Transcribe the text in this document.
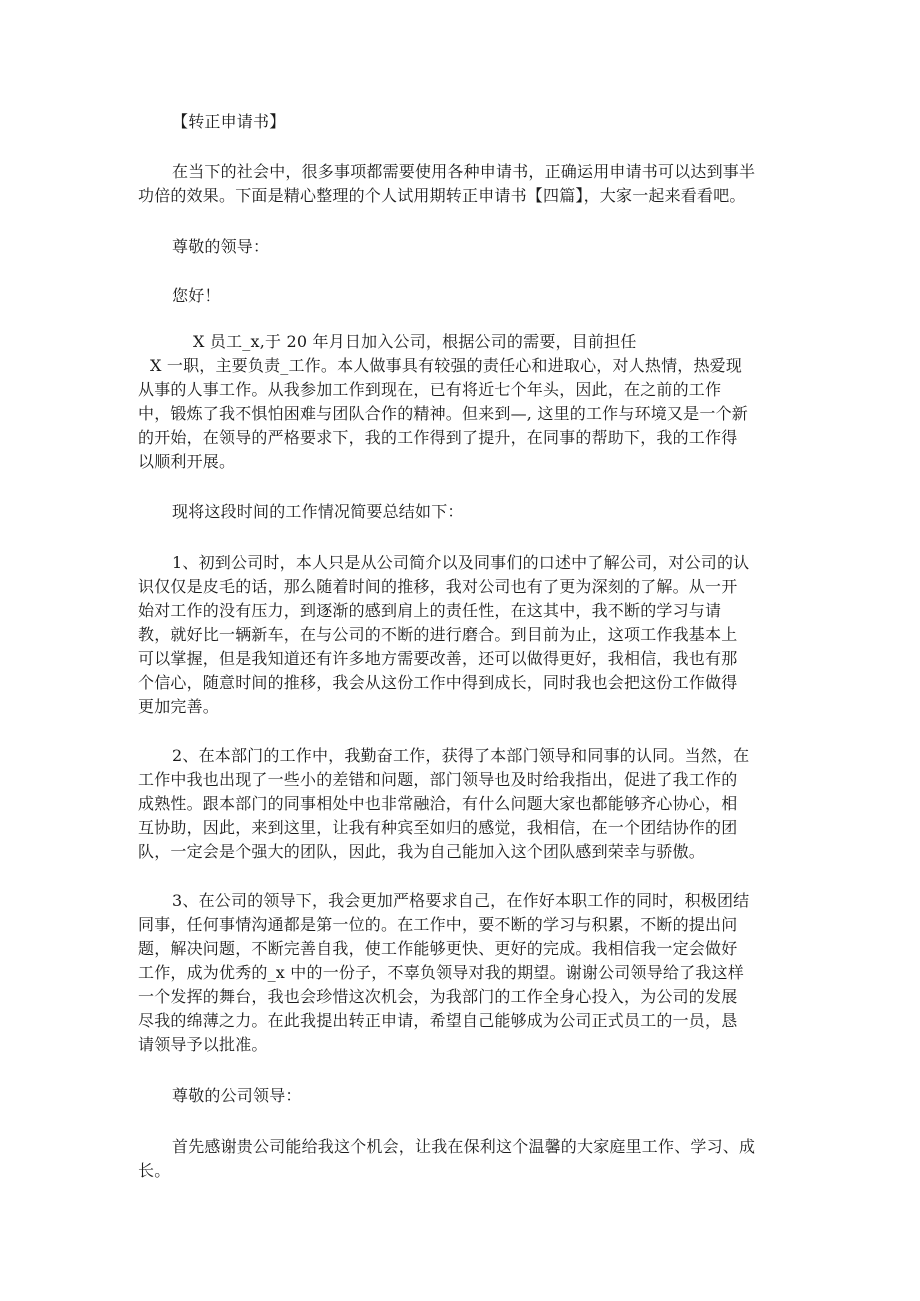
【转正申请书】

在当下的社会中，很多事项都需要使用各种申请书，正确运用申请书可以达到事半
功倍的效果。下面是精心整理的个人试用期转正申请书【四篇】，大家一起来看看吧。

尊敬的领导：

您好！

X 员工_x,于 20 年月日加入公司，根据公司的需要，目前担任
X 一职，主要负责_工作。本人做事具有较强的责任心和进取心，对人热情，热爱现
从事的人事工作。从我参加工作到现在，已有将近七个年头，因此，在之前的工作
中，锻炼了我不惧怕困难与团队合作的精神。但来到—, 这里的工作与环境又是一个新
的开始，在领导的严格要求下，我的工作得到了提升，在同事的帮助下，我的工作得
以顺利开展。

现将这段时间的工作情况简要总结如下：

1、初到公司时，本人只是从公司简介以及同事们的口述中了解公司，对公司的认
识仅仅是皮毛的话，那么随着时间的推移，我对公司也有了更为深刻的了解。从一开
始对工作的没有压力，到逐渐的感到肩上的责任性，在这其中，我不断的学习与请
教，就好比一辆新车，在与公司的不断的进行磨合。到目前为止，这项工作我基本上
可以掌握，但是我知道还有许多地方需要改善，还可以做得更好，我相信，我也有那
个信心，随意时间的推移，我会从这份工作中得到成长，同时我也会把这份工作做得
更加完善。

2、在本部门的工作中，我勤奋工作，获得了本部门领导和同事的认同。当然，在
工作中我也出现了一些小的差错和问题，部门领导也及时给我指出，促进了我工作的
成熟性。跟本部门的同事相处中也非常融洽，有什么问题大家也都能够齐心协心，相
互协助，因此，来到这里，让我有种宾至如归的感觉，我相信，在一个团结协作的团
队，一定会是个强大的团队，因此，我为自己能加入这个团队感到荣幸与骄傲。

3、在公司的领导下，我会更加严格要求自己，在作好本职工作的同时，积极团结
同事，任何事情沟通都是第一位的。在工作中，要不断的学习与积累，不断的提出问
题，解决问题，不断完善自我，使工作能够更快、更好的完成。我相信我一定会做好
工作，成为优秀的_x 中的一份子，不辜负领导对我的期望。谢谢公司领导给了我这样
一个发挥的舞台，我也会珍惜这次机会，为我部门的工作全身心投入，为公司的发展
尽我的绵薄之力。在此我提出转正申请，希望自己能够成为公司正式员工的一员，恳
请领导予以批准。

尊敬的公司领导：

首先感谢贵公司能给我这个机会，让我在保利这个温馨的大家庭里工作、学习、成
长。
